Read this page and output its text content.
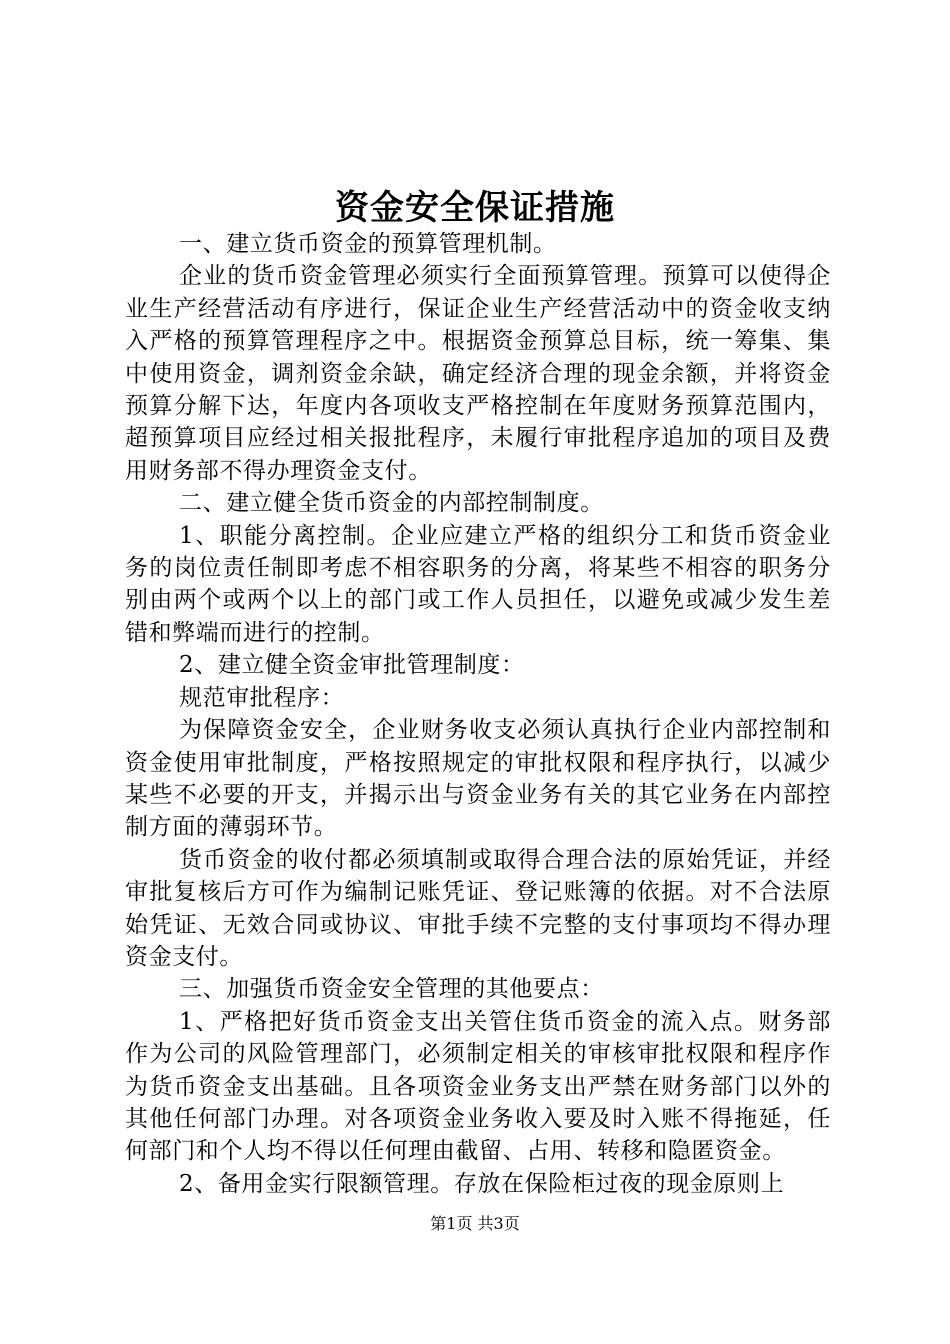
资金安全保证措施

一、建立货币资金的预算管理机制。

企业的货币资金管理必须实行全面预算管理。预算可以使得企业生产经营活动有序进行，保证企业生产经营活动中的资金收支纳入严格的预算管理程序之中。根据资金预算总目标，统一筹集、集中使用资金，调剂资金余缺，确定经济合理的现金余额，并将资金预算分解下达，年度内各项收支严格控制在年度财务预算范围内，超预算项目应经过相关报批程序，未履行审批程序追加的项目及费用财务部不得办理资金支付。

二、建立健全货币资金的内部控制制度。

1、职能分离控制。企业应建立严格的组织分工和货币资金业务的岗位责任制即考虑不相容职务的分离，将某些不相容的职务分别由两个或两个以上的部门或工作人员担任，以避免或减少发生差错和弊端而进行的控制。

2、建立健全资金审批管理制度：

规范审批程序：

为保障资金安全，企业财务收支必须认真执行企业内部控制和资金使用审批制度，严格按照规定的审批权限和程序执行，以减少某些不必要的开支，并揭示出与资金业务有关的其它业务在内部控制方面的薄弱环节。

货币资金的收付都必须填制或取得合理合法的原始凭证，并经审批复核后方可作为编制记账凭证、登记账簿的依据。对不合法原始凭证、无效合同或协议、审批手续不完整的支付事项均不得办理资金支付。

三、加强货币资金安全管理的其他要点：

1、严格把好货币资金支出关管住货币资金的流入点。财务部作为公司的风险管理部门，必须制定相关的审核审批权限和程序作为货币资金支出基础。且各项资金业务支出严禁在财务部门以外的其他任何部门办理。对各项资金业务收入要及时入账不得拖延，任何部门和个人均不得以任何理由截留、占用、转移和隐匿资金。

2、备用金实行限额管理。存放在保险柜过夜的现金原则上

第1页 共3页
